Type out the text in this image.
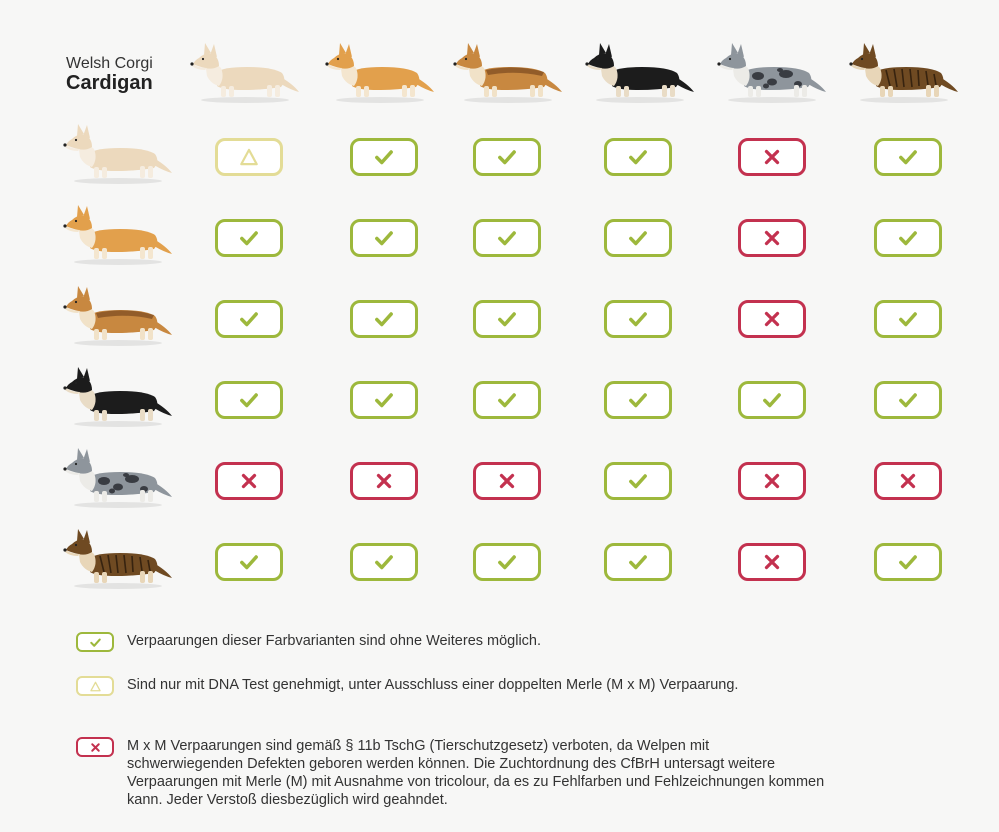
Welsh Corgi
Cardigan
Verpaarungen dieser Farbvarianten sind ohne Weiteres möglich.
Sind nur mit DNA Test genehmigt, unter Ausschluss einer doppelten Merle (M x M) Verpaarung.
M x M Verpaarungen sind gemäß § 11b TschG (Tierschutzgesetz) verboten, da Welpen mit schwerwiegenden Defekten geboren werden können. Die Zuchtordnung des CfBrH untersagt weitere Verpaarungen mit Merle (M) mit Ausnahme von tricolour, da es zu Fehlfarben und Fehlzeichnungen kommen kann. Jeder Verstoß diesbezüglich wird geahndet.
